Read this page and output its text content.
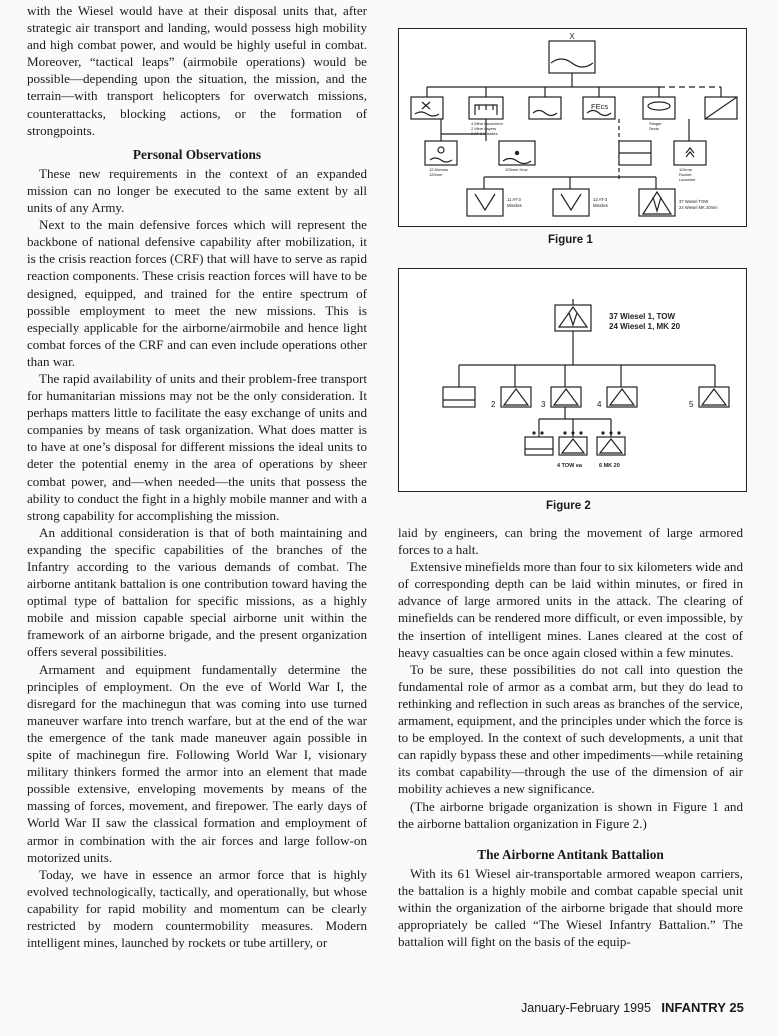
with the Wiesel would have at their disposal units that, after strategic air transport and landing, would possess high mobility and high combat power, and would be highly useful in combat. Moreover, “tactical leaps” (airmobile operations) would be possible—depending upon the situation, the mission, and the terrain—with transport helicopters for overwatch missions, counterattacks, blocking actions, or the formation of strongpoints.

Personal Observations

These new requirements in the context of an expanded mission can no longer be executed to the same extent by all units of any Army.

Next to the main defensive forces which will represent the backbone of national defensive capability after mobilization, it is the crisis reaction forces (CRF) that will have to serve as rapid reaction components. These crisis reaction forces will have to be designed, equipped, and trained for the entire spectrum of possible employment to meet the new missions. This is especially applicable for the airborne/airmobile and hence light combat forces of the CRF and can even include operations other than war.

The rapid availability of units and their problem-free transport for humanitarian missions may not be the only consideration. It perhaps matters little to facilitate the easy exchange of units and companies by means of task organization. What does matter is to have at one’s disposal for different missions the ideal units to deter the potential enemy in the area of operations by sheer combat power, and—when needed—the units that possess the ability to conduct the fight in a highly mobile manner and with a strong capability for accomplishing the mission.

An additional consideration is that of both maintaining and expanding the specific capabilities of the branches of the Infantry according to the various demands of combat. The airborne antitank battalion is one contribution toward having the optimal type of battalion for specific missions, as a highly mobile and mission capable special airborne unit within the framework of an airborne brigade, and the present organization offers several possibilities.

Armament and equipment fundamentally determine the principles of employment. On the eve of World War I, the disregard for the machinegun that was coming into use turned maneuver warfare into trench warfare, but at the end of the war the emergence of the tank made maneuver again possible in spite of machinegun fire. Following World War I, visionary military thinkers formed the armor into an element that made possible extensive, enveloping movements by means of the massing of forces, movement, and firepower. The early days of World War II saw the classical formation and employment of armor in combination with the air forces and large follow-on motorized units.

Today, we have in essence an armor force that is highly evolved technologically, tactically, and operationally, but whose capability for rapid mobility and momentum can be clearly restricted by modern countermobility measures. Modern intelligent mines, launched by rockets or tube artillery, or

X
FEcs
4 Mine Launchers
2 Mine Layers
2 AT-2 Missiles
Stinger
Sects
12 Mortars
120mm
105mm How	110mm
Rocket
Launcher
11 AT-3
Missiles
12 AT-3
Missiles
37 Wiesel TOW
24 Wiesel MK 20mm
Figure 1
37 Wiesel 1, TOW
24 Wiesel 1, MK 20
2	3	4	5
4 TOW ea	6 MK 20
Figure 2

laid by engineers, can bring the movement of large armored forces to a halt.

Extensive minefields more than four to six kilometers wide and of corresponding depth can be laid within minutes, or fired in advance of large armored units in the attack. The clearing of minefields can be rendered more difficult, or even impossible, by the insertion of intelligent mines. Lanes cleared at the cost of heavy casualties can be once again closed within a few minutes.

To be sure, these possibilities do not call into question the fundamental role of armor as a combat arm, but they do lead to rethinking and reflection in such areas as branches of the service, armament, equipment, and the principles under which the force is to be employed. In the context of such developments, a unit that can rapidly bypass these and other impediments—while retaining its combat capability—through the use of the dimension of air mobility achieves a new significance.

(The airborne brigade organization is shown in Figure 1 and the airborne battalion organization in Figure 2.)

The Airborne Antitank Battalion

With its 61 Wiesel air-transportable armored weapon carriers, the battalion is a highly mobile and combat capable special unit within the organization of the airborne brigade that should more appropriately be called “The Wiesel Infantry Battalion.” The battalion will fight on the basis of the equip-

January-February 1995 INFANTRY 25
